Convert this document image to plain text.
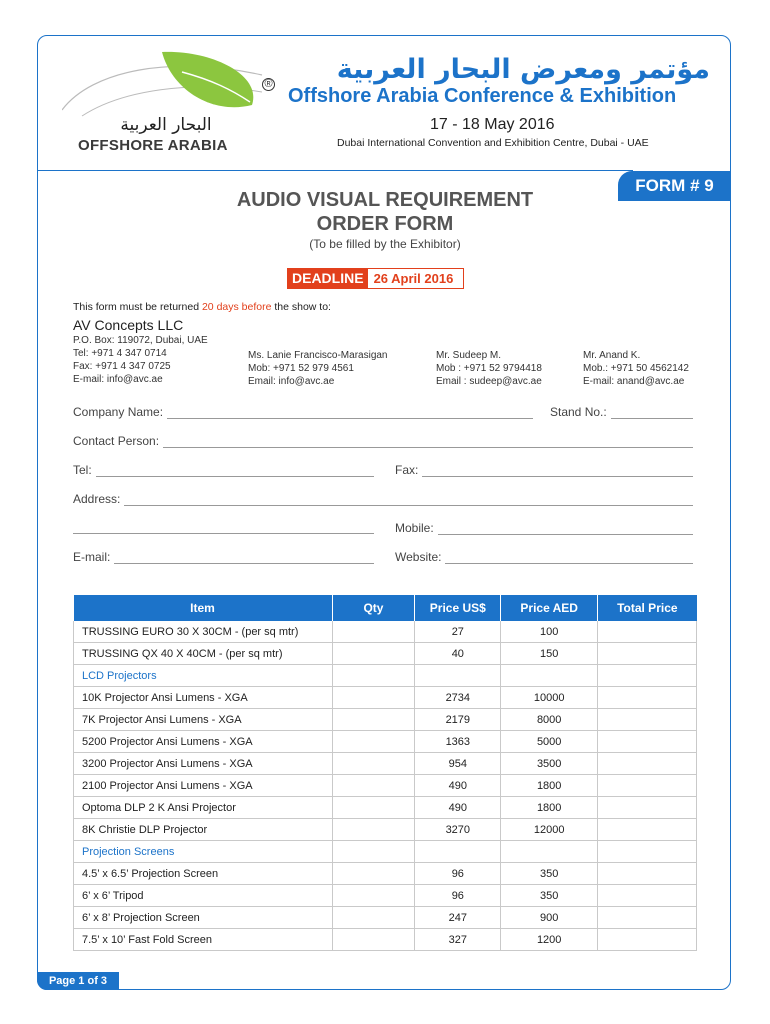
FORM # 9
®
البحار العربية
OFFSHORE ARABIA
مؤتمر ومعرض البحار العربية
Offshore Arabia Conference & Exhibition
17 - 18 May 2016
Dubai International Convention and Exhibition Centre, Dubai - UAE
AUDIO VISUAL REQUIREMENT
ORDER FORM
(To be filled by the Exhibitor)
DEADLINE 26 April 2016
This form must be returned 20 days before the show to:
AV Concepts LLC
P.O. Box: 119072, Dubai, UAE
Tel: +971 4 347 0714
Fax: +971 4 347 0725
E-mail: info@avc.ae
Ms. Lanie Francisco-Marasigan
Mob: +971 52 979 4561
Email: info@avc.ae
Mr. Sudeep M.
Mob : +971 52 9794418
Email : sudeep@avc.ae
Mr. Anand K.
Mob.: +971 50 4562142
E-mail: anand@avc.ae
Company Name:	Stand No.:
Contact Person:
Tel:	Fax:
Address:
Mobile:
E-mail:	Website:
Item	Qty	Price US$	Price AED	Total Price
TRUSSING EURO 30 X 30CM - (per sq mtr)		27	100	
TRUSSING QX 40 X 40CM - (per sq mtr)		40	150	
LCD Projectors				
10K Projector Ansi Lumens - XGA		2734	10000	
7K Projector Ansi Lumens - XGA		2179	8000	
5200 Projector Ansi Lumens - XGA		1363	5000	
3200 Projector Ansi Lumens - XGA		954	3500	
2100 Projector Ansi Lumens - XGA		490	1800	
Optoma DLP 2 K Ansi Projector		490	1800	
8K Christie DLP Projector		3270	12000	
Projection Screens				
4.5’ x 6.5’ Projection Screen		96	350	
6’ x 6’ Tripod		96	350	
6’ x 8’ Projection Screen		247	900	
7.5’ x 10’ Fast Fold Screen		327	1200	
Page 1 of 3
